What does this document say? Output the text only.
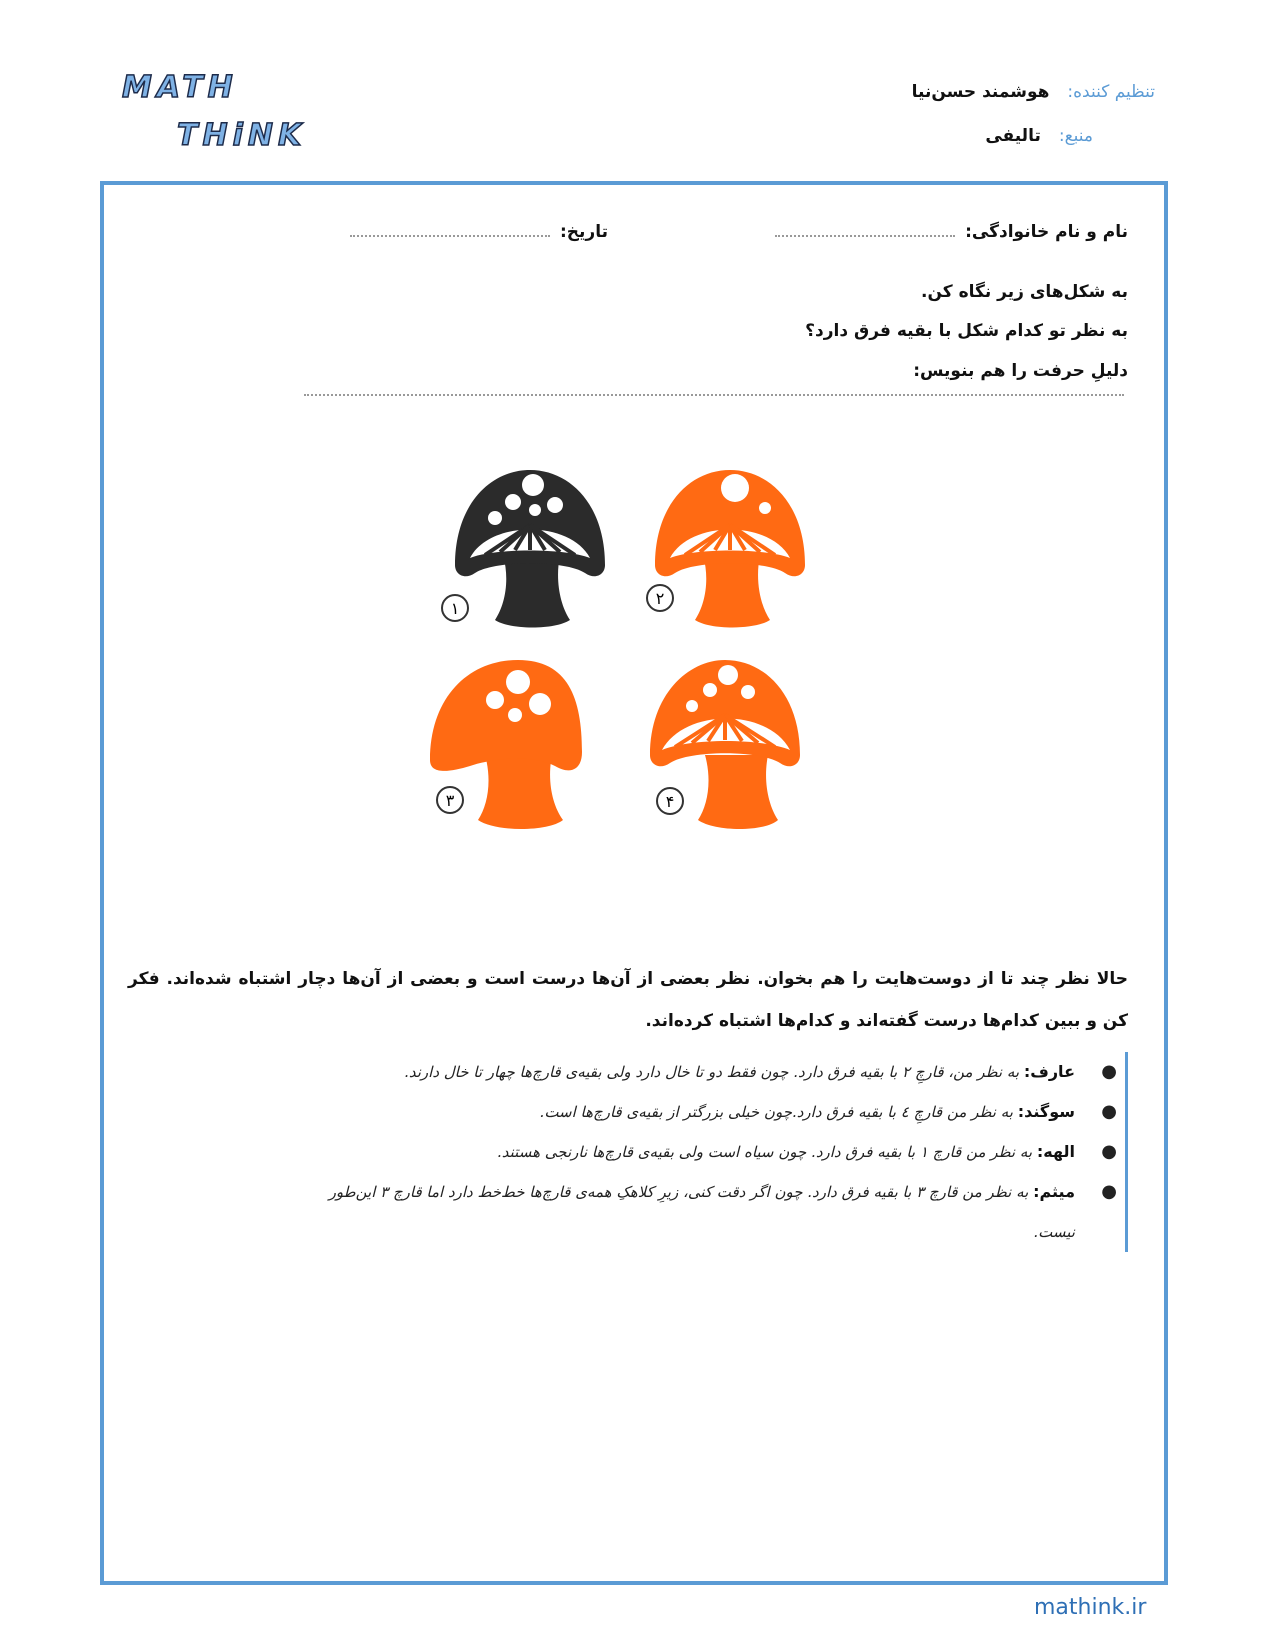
MATH
THiNK
تنظیم کننده:هوشمند حسن‌نیا
منبع:تالیفی
نام و نام خانوادگی:
تاریخ:
به شکل‌های زیر نگاه کن.
به نظر تو کدام شکل با بقیه فرق دارد؟
دلیلِ حرفت را هم بنویس:
۱
۲
۳	۴
حالا نظر چند تا از دوست‌هایت را هم بخوان. نظر بعضی از آن‌ها درست است و بعضی از آن‌ها دچار اشتباه شده‌اند. فکر کن و ببین کدام‌ها درست گفته‌اند و کدام‌ها اشتباه کرده‌اند.
●
عارف: به نظر من، قارچِ ۲ با بقیه فرق دارد. چون فقط دو تا خال دارد ولی بقیه‌ی قارچ‌ها چهار تا خال دارند.
●
سوگند: به نظر من قارچِ ٤ با بقیه فرق دارد.چون خیلی بزرگتر از بقیه‌ی قارچ‌ها است.
●
الهه: به نظر من قارچ ۱ با بقیه فرق دارد. چون سیاه است ولی بقیه‌ی قارچ‌ها نارنجی هستند.
●
میثم: به نظر من قارچ ۳ با بقیه فرق دارد. چون اگر دقت کنی، زیرِ کلاهکِ همه‌ی قارچ‌ها خط‌خط دارد اما قارچ ۳ این‌طور نیست.
mathink.ir
